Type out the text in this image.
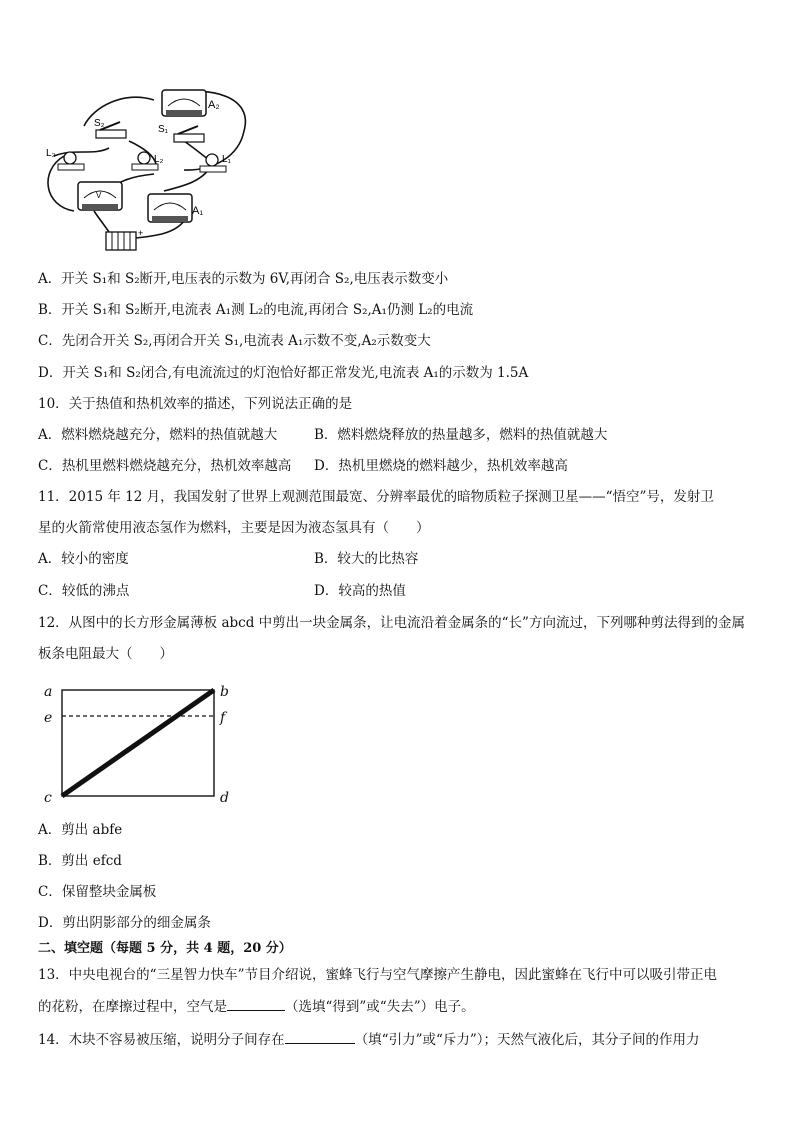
A₂
S₂
S₁
L₃
L₂	L₁
V
A₁
+
A．开关 S₁和 S₂断开,电压表的示数为 6V,再闭合 S₂,电压表示数变小
B．开关 S₁和 S₂断开,电流表 A₁测 L₂的电流,再闭合 S₂,A₁仍测 L₂的电流
C．先闭合开关 S₂,再闭合开关 S₁,电流表 A₁示数不变,A₂示数变大
D．开关 S₁和 S₂闭合,有电流流过的灯泡恰好都正常发光,电流表 A₁的示数为 1.5A
10．关于热值和热机效率的描述，下列说法正确的是
A．燃料燃烧越充分，燃料的热值就越大	B．燃料燃烧释放的热量越多，燃料的热值就越大
C．热机里燃料燃烧越充分，热机效率越高 D．热机里燃烧的燃料越少，热机效率越高
11．2015 年 12 月，我国发射了世界上观测范围最宽、分辨率最优的暗物质粒子探测卫星——“悟空”号，发射卫
星的火箭常使用液态氢作为燃料，主要是因为液态氢具有（　　）
A．较小的密度	B．较大的比热容
C．较低的沸点	D．较高的热值
12．从图中的长方形金属薄板 abcd 中剪出一块金属条，让电流沿着金属条的“长”方向流过，下列哪种剪法得到的金属
板条电阻最大（　　）
a	b
e	f
c	d
A．剪出 abfe
B．剪出 efcd
C．保留整块金属板
D．剪出阴影部分的细金属条
二、填空题（每题 5 分，共 4 题，20 分）
13．中央电视台的“三星智力快车”节目介绍说，蜜蜂飞行与空气摩擦产生静电，因此蜜蜂在飞行中可以吸引带正电
的花粉，在摩擦过程中，空气是	（选填“得到”或“失去”）电子。
14．木块不容易被压缩，说明分子间存在	（填“引力”或“斥力”）；天然气液化后，其分子间的作用力
